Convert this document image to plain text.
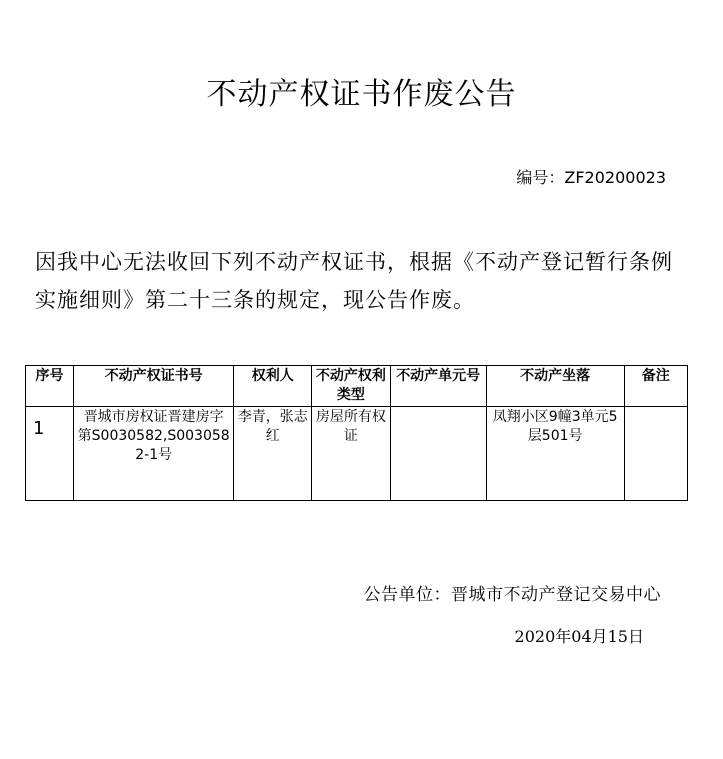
不动产权证书作废公告
编号：ZF20200023
因我中心无法收回下列不动产权证书，根据《不动产登记暂行条例实施细则》第二十三条的规定，现公告作废。
序号	不动产权证书号	权利人	不动产权利类型	不动产单元号	不动产坐落	备注
1	晋城市房权证晋建房字第S0030582,S0030582-1号	李青，张志红	房屋所有权证		凤翔小区9幢3单元5层501号	
公告单位：晋城市不动产登记交易中心
2020年04月15日
